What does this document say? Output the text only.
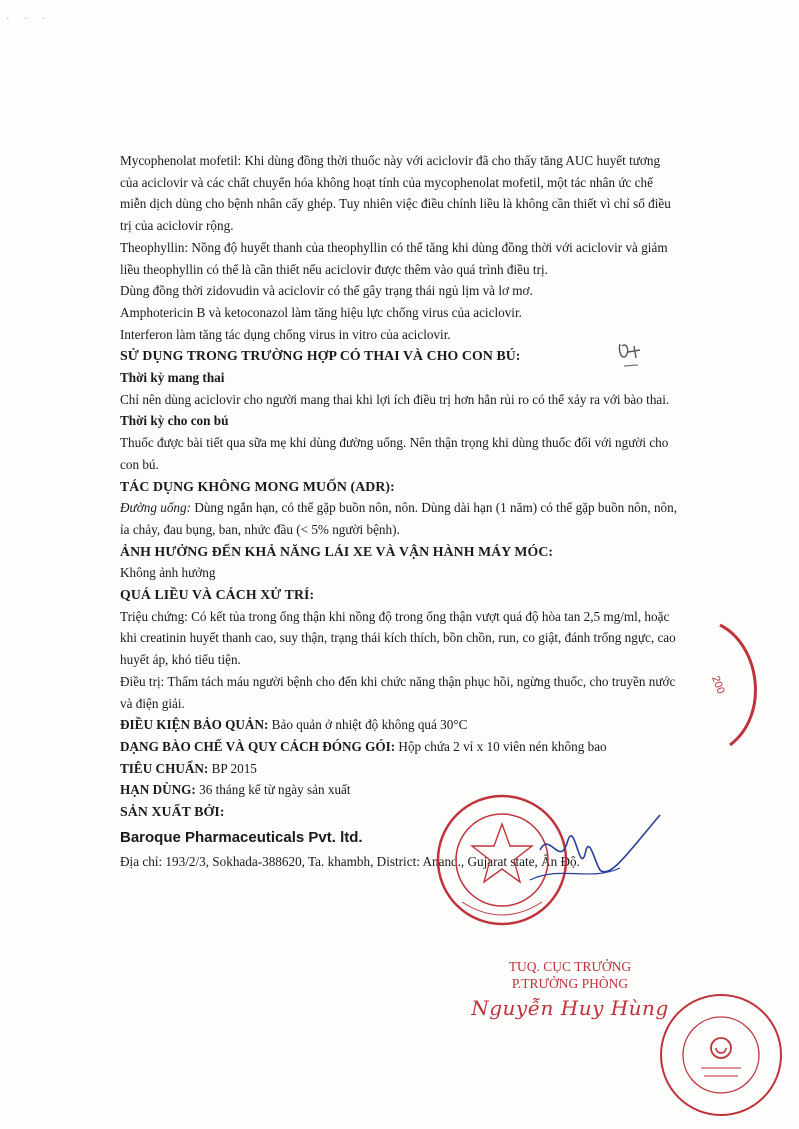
· · ·

Mycophenolat mofetil: Khi dùng đồng thời thuốc này với aciclovir đã cho thấy tăng AUC huyết tương của aciclovir và các chất chuyển hóa không hoạt tính của mycophenolat mofetil, một tác nhân ức chế miễn dịch dùng cho bệnh nhân cấy ghép. Tuy nhiên việc điều chỉnh liều là không cần thiết vì chỉ số điều trị của aciclovir rộng.

Theophyllin: Nồng độ huyết thanh của theophyllin có thể tăng khi dùng đồng thời với aciclovir và giảm liều theophyllin có thể là cần thiết nếu aciclovir được thêm vào quá trình điều trị.

Dùng đồng thời zidovudin và aciclovir có thể gây trạng thái ngủ lịm và lơ mơ.

Amphotericin B và ketoconazol làm tăng hiệu lực chống virus của aciclovir.

Interferon làm tăng tác dụng chống virus in vitro của aciclovir.

SỬ DỤNG TRONG TRƯỜNG HỢP CÓ THAI VÀ CHO CON BÚ:

Thời kỳ mang thai

Chỉ nên dùng aciclovir cho người mang thai khi lợi ích điều trị hơn hẳn rủi ro có thể xảy ra với bào thai.

Thời kỳ cho con bú

Thuốc được bài tiết qua sữa mẹ khi dùng đường uống. Nên thận trọng khi dùng thuốc đối với người cho con bú.

TÁC DỤNG KHÔNG MONG MUỐN (ADR):

Đường uống: Dùng ngắn hạn, có thể gặp buồn nôn, nôn. Dùng dài hạn (1 năm) có thể gặp buồn nôn, nôn, ỉa chảy, đau bụng, ban, nhức đầu (< 5% người bệnh).

ẢNH HƯỞNG ĐẾN KHẢ NĂNG LÁI XE VÀ VẬN HÀNH MÁY MÓC:

Không ảnh hưởng

QUÁ LIỀU VÀ CÁCH XỬ TRÍ:

Triệu chứng: Có kết tủa trong ống thận khi nồng độ trong ống thận vượt quá độ hòa tan 2,5 mg/ml, hoặc khi creatinin huyết thanh cao, suy thận, trạng thái kích thích, bồn chồn, run, co giật, đánh trống ngực, cao huyết áp, khó tiểu tiện.

Điều trị: Thẩm tách máu người bệnh cho đến khi chức năng thận phục hồi, ngừng thuốc, cho truyền nước và điện giải.

ĐIỀU KIỆN BẢO QUẢN: Bảo quản ở nhiệt độ không quá 30°C

DẠNG BÀO CHẾ VÀ QUY CÁCH ĐÓNG GÓI: Hộp chứa 2 vỉ x 10 viên nén không bao

TIÊU CHUẨN: BP 2015

HẠN DÙNG: 36 tháng kể từ ngày sản xuất

SẢN XUẤT BỞI:

Baroque Pharmaceuticals Pvt. ltd.

Địa chỉ: 193/2/3, Sokhada-388620, Ta. khambh, District: Anand., Gujarat state, Ấn Độ.

200

TUQ. CỤC TRƯỞNG

P.TRƯỞNG PHÒNG

Nguyễn Huy Hùng
